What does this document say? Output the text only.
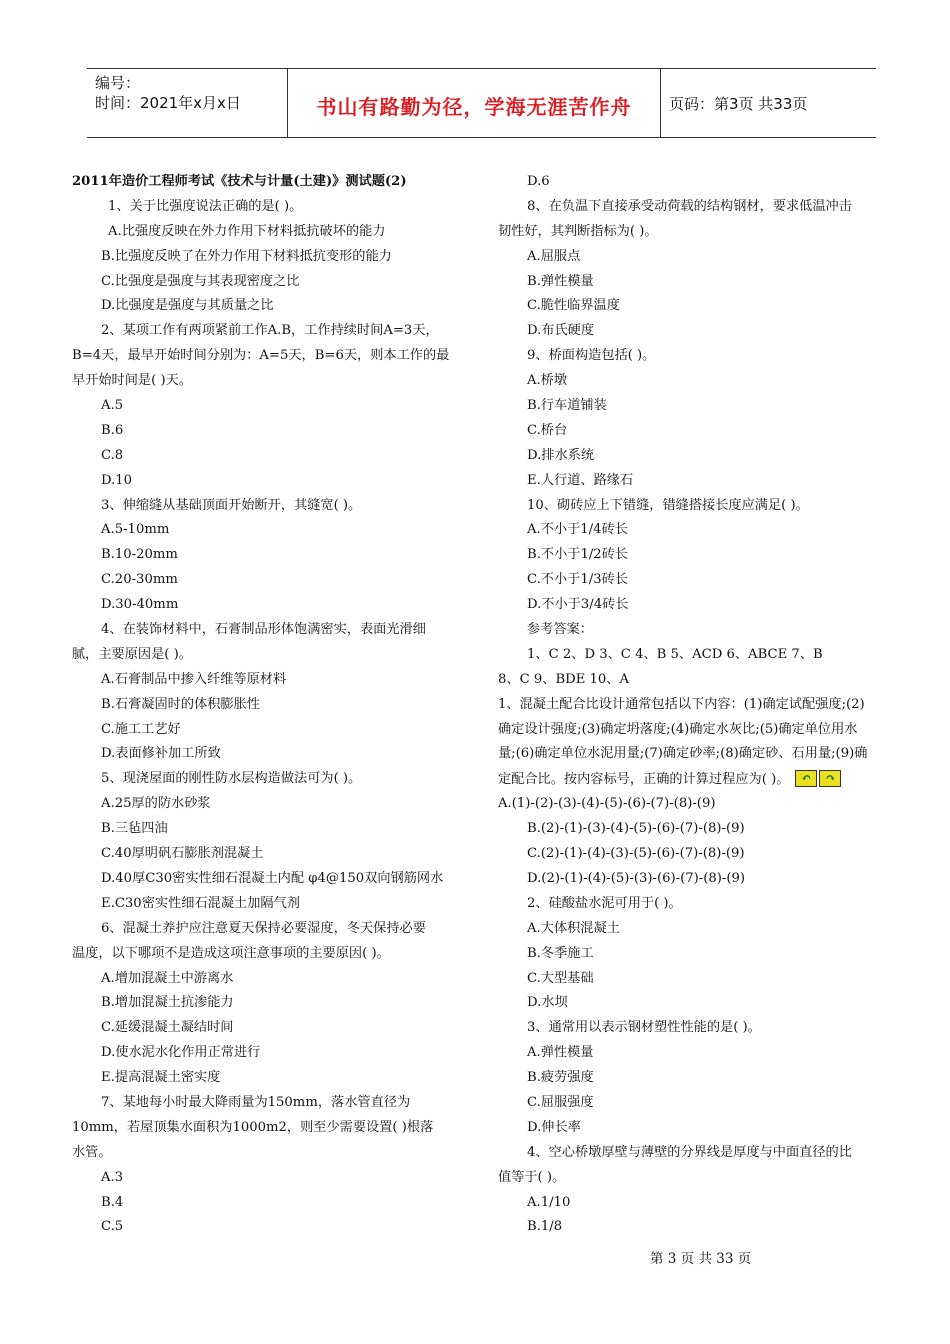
编号：
时间：2021年x月x日	书山有路勤为径，学海无涯苦作舟	页码：第3页 共33页
2011年造价工程师考试《技术与计量(土建)》测试题(2)
1、关于比强度说法正确的是( )。
A.比强度反映在外力作用下材料抵抗破坏的能力
B.比强度反映了在外力作用下材料抵抗变形的能力
C.比强度是强度与其表现密度之比
D.比强度是强度与其质量之比
2、某项工作有两项紧前工作A.B，工作持续时间A=3天，
B=4天，最早开始时间分别为：A=5天，B=6天，则本工作的最
早开始时间是( )天。
A.5
B.6
C.8
D.10
3、伸缩缝从基础顶面开始断开，其缝宽( )。
A.5-10mm
B.10-20mm
C.20-30mm
D.30-40mm
4、在装饰材料中，石膏制品形体饱满密实，表面光滑细
腻，主要原因是( )。
A.石膏制品中掺入纤维等原材料
B.石膏凝固时的体积膨胀性
C.施工工艺好
D.表面修补加工所致
5、现浇屋面的刚性防水层构造做法可为( )。
A.25厚的防水砂浆
B.三毡四油
C.40厚明矾石膨胀剂混凝土
D.40厚C30密实性细石混凝土内配 φ4@150双向钢筋网水
E.C30密实性细石混凝土加隔气剂
6、混凝土养护应注意夏天保持必要湿度，冬天保持必要
温度，以下哪项不是造成这项注意事项的主要原因( )。
A.增加混凝土中游离水
B.增加混凝土抗渗能力
C.延缓混凝土凝结时间
D.使水泥水化作用正常进行
E.提高混凝土密实度
7、某地每小时最大降雨量为150mm，落水管直径为
10mm，若屋顶集水面积为1000m2，则至少需要设置( )根落
水管。
A.3
B.4
C.5
D.6
8、在负温下直接承受动荷载的结构钢材，要求低温冲击
韧性好，其判断指标为( )。
A.屈服点
B.弹性模量
C.脆性临界温度
D.布氏硬度
9、桥面构造包括( )。
A.桥墩
B.行车道铺装
C.桥台
D.排水系统
E.人行道、路缘石
10、砌砖应上下错缝，错缝搭接长度应满足( )。
A.不小于1/4砖长
B.不小于1/2砖长
C.不小于1/3砖长
D.不小于3/4砖长
参考答案：
1、C 2、D 3、C 4、B 5、ACD 6、ABCE 7、B
8、C 9、BDE 10、A
1、混凝土配合比设计通常包括以下内容：(1)确定试配强度;(2)
确定设计强度;(3)确定坍落度;(4)确定水灰比;(5)确定单位用水
量;(6)确定单位水泥用量;(7)确定砂率;(8)确定砂、石用量;(9)确
定配合比。按内容标号，正确的计算过程应为( )。 ↶ ↷
A.(1)-(2)-(3)-(4)-(5)-(6)-(7)-(8)-(9)
B.(2)-(1)-(3)-(4)-(5)-(6)-(7)-(8)-(9)
C.(2)-(1)-(4)-(3)-(5)-(6)-(7)-(8)-(9)
D.(2)-(1)-(4)-(5)-(3)-(6)-(7)-(8)-(9)
2、硅酸盐水泥可用于( )。
A.大体积混凝土
B.冬季施工
C.大型基础
D.水坝
3、通常用以表示钢材塑性性能的是( )。
A.弹性模量
B.疲劳强度
C.屈服强度
D.伸长率
4、空心桥墩厚壁与薄壁的分界线是厚度与中面直径的比
值等于( )。
A.1/10
B.1/8
第 3 页 共 33 页
